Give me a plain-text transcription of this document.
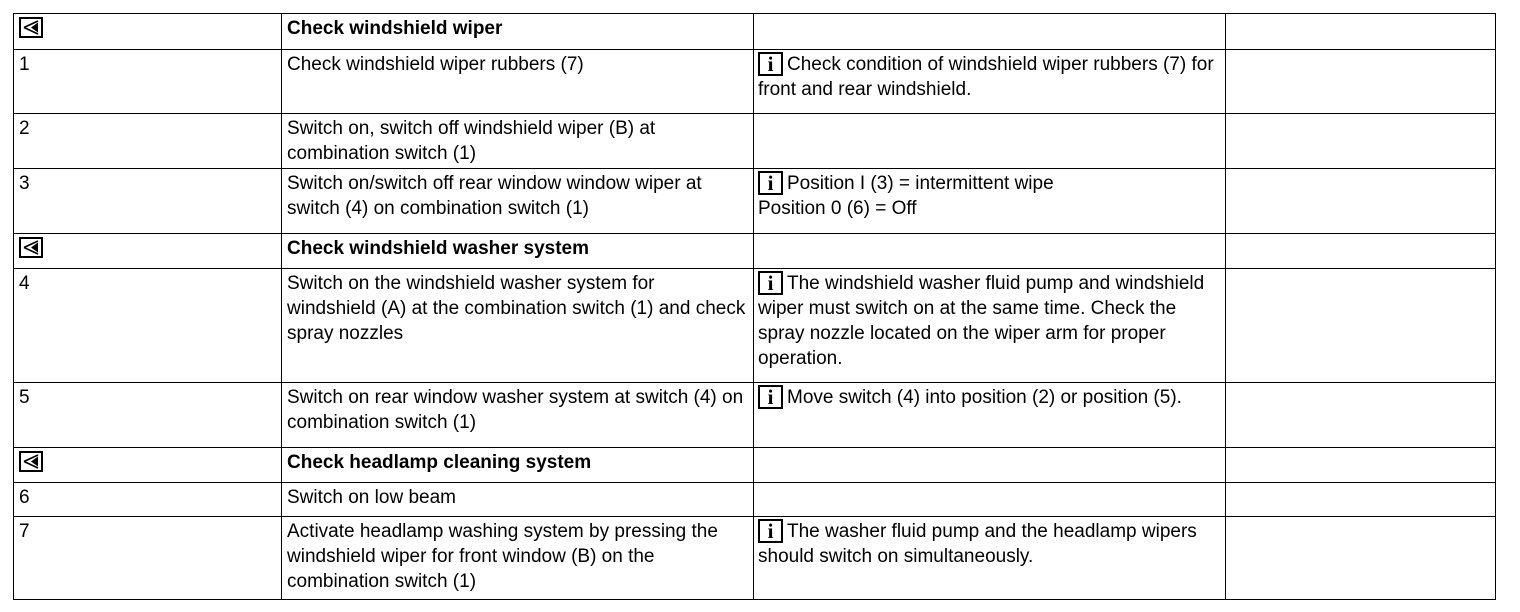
	Check windshield wiper		
1	Check windshield wiper rubbers (7)	i Check condition of windshield wiper rubbers (7) for front and rear windshield.	
2	Switch on, switch off windshield wiper (B) at combination switch (1)		
3	Switch on/switch off rear window window wiper at switch (4) on combination switch (1)	i Position I (3) = intermittent wipe
Position 0 (6) = Off	

	Check windshield washer system		
4	Switch on the windshield washer system for windshield (A) at the combination switch (1) and check spray nozzles	i The windshield washer fluid pump and windshield wiper must switch on at the same time. Check the spray nozzle located on the wiper arm for proper operation.	
5	Switch on rear window washer system at switch (4) on combination switch (1)	i Move switch (4) into position (2) or position (5).	

	Check headlamp cleaning system		
6	Switch on low beam		
7	Activate headlamp washing system by pressing the windshield wiper for front window (B) on the combination switch (1)	i The washer fluid pump and the headlamp wipers should switch on simultaneously.	
